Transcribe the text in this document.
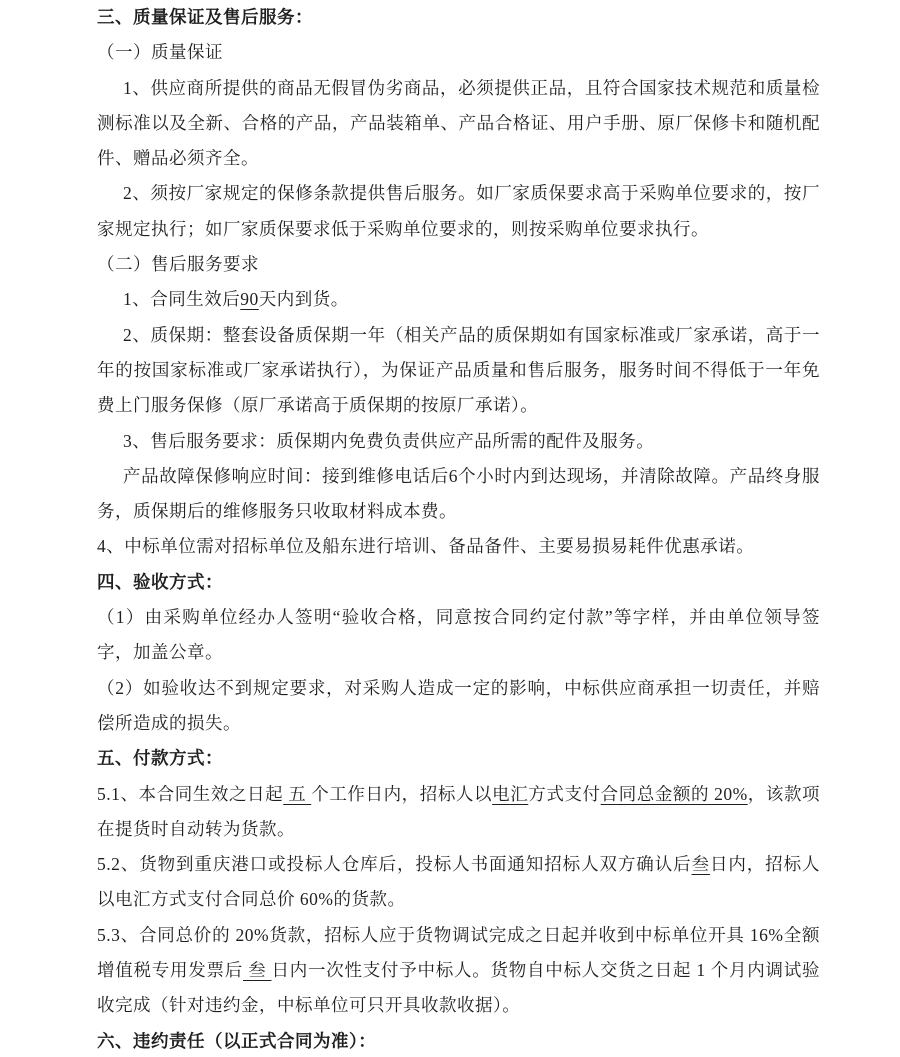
三、质量保证及售后服务：

（一）质量保证

1、供应商所提供的商品无假冒伪劣商品，必须提供正品，且符合国家技术规范和质量检测标准以及全新、合格的产品，产品装箱单、产品合格证、用户手册、原厂保修卡和随机配件、赠品必须齐全。

2、须按厂家规定的保修条款提供售后服务。如厂家质保要求高于采购单位要求的，按厂家规定执行；如厂家质保要求低于采购单位要求的，则按采购单位要求执行。

（二）售后服务要求

1、合同生效后90天内到货。

2、质保期：整套设备质保期一年（相关产品的质保期如有国家标准或厂家承诺，高于一年的按国家标准或厂家承诺执行），为保证产品质量和售后服务，服务时间不得低于一年免费上门服务保修（原厂承诺高于质保期的按原厂承诺）。

3、售后服务要求：质保期内免费负责供应产品所需的配件及服务。

产品故障保修响应时间：接到维修电话后6个小时内到达现场，并清除故障。产品终身服务，质保期后的维修服务只收取材料成本费。

4、中标单位需对招标单位及船东进行培训、备品备件、主要易损易耗件优惠承诺。

四、验收方式：

（1）由采购单位经办人签明“验收合格，同意按合同约定付款”等字样，并由单位领导签字，加盖公章。

（2）如验收达不到规定要求，对采购人造成一定的影响，中标供应商承担一切责任，并赔偿所造成的损失。

五、付款方式：

5.1、本合同生效之日起 五 个工作日内，招标人以电汇方式支付合同总金额的 20%，该款项在提货时自动转为货款。

5.2、货物到重庆港口或投标人仓库后，投标人书面通知招标人双方确认后叁日内，招标人以电汇方式支付合同总价 60%的货款。

5.3、合同总价的 20%货款，招标人应于货物调试完成之日起并收到中标单位开具 16%全额增值税专用发票后 叁 日内一次性支付予中标人。货物自中标人交货之日起 1 个月内调试验收完成（针对违约金，中标单位可只开具收款收据）。

六、违约责任（以正式合同为准）：
